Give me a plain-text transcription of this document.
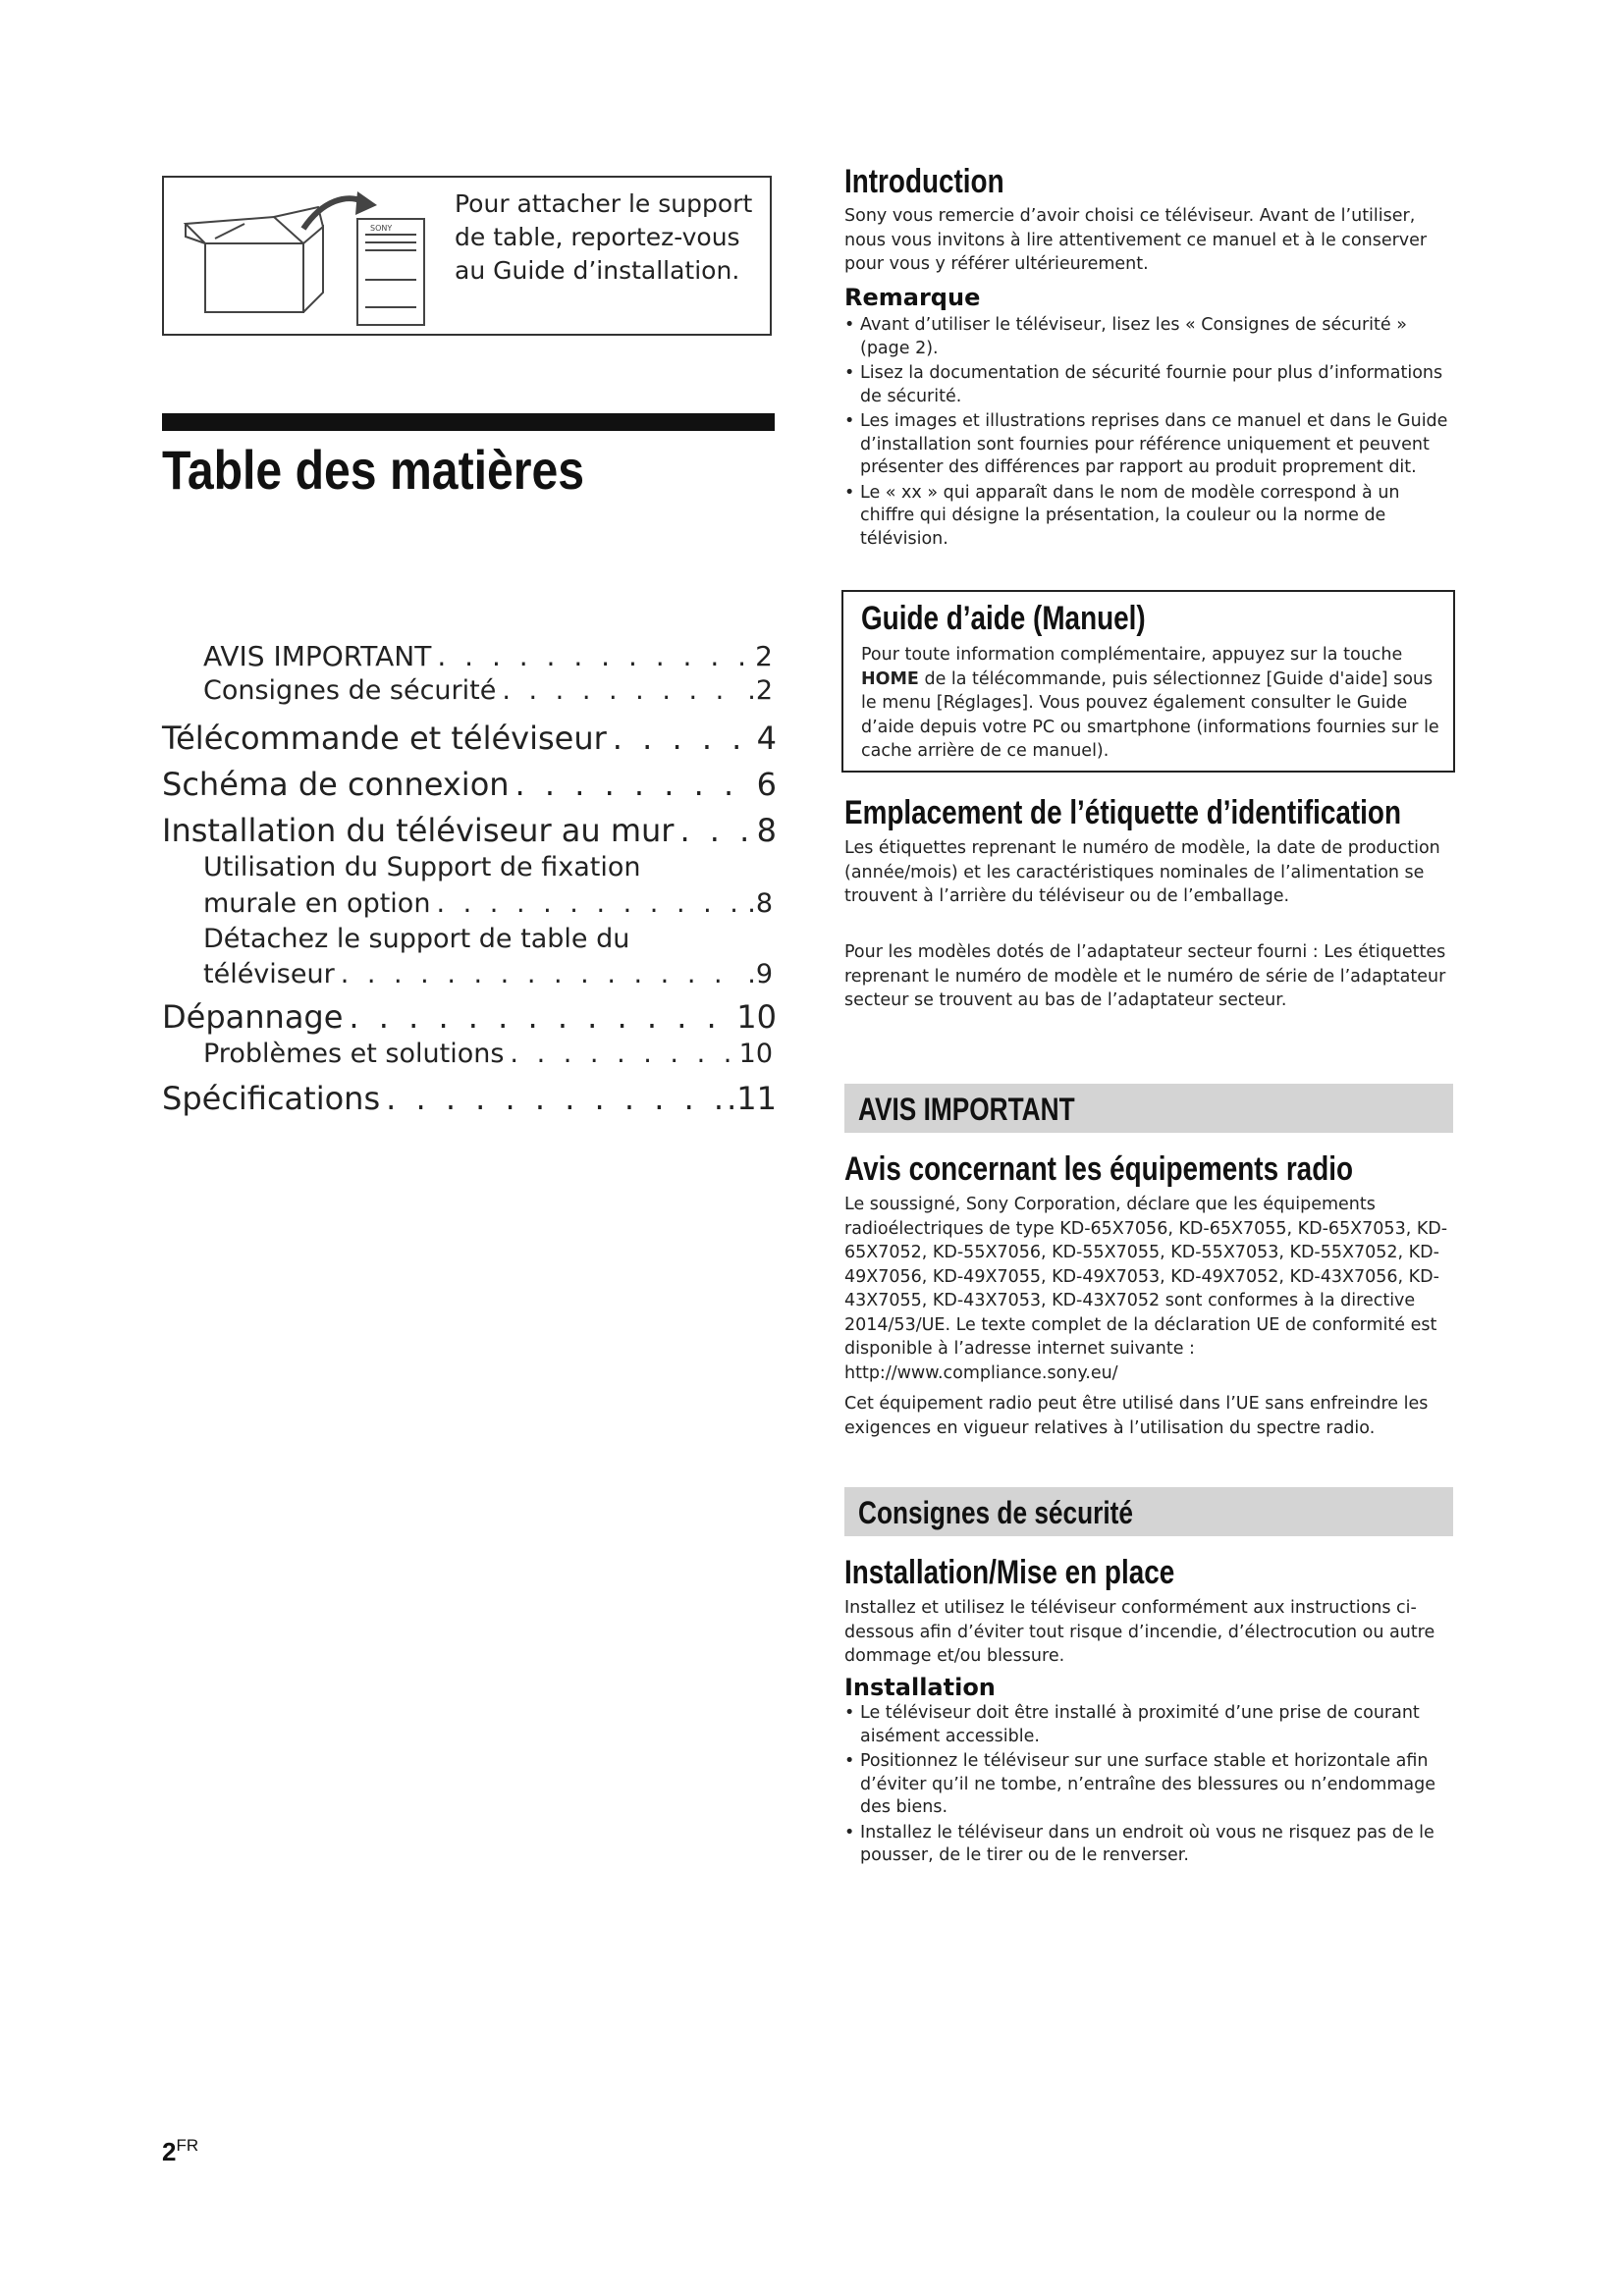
SONY
Pour attacher le support
de table, reportez-vous
au Guide d’installation.
Table des matières
AVIS IMPORTANT . . .	2
Consignes de sécurité . . .	.2
Télécommande et téléviseur . . .	4
Schéma de connexion . . .	6
Installation du téléviseur au mur . . .	8
Utilisation du Support de fixation
murale en option . . .	.8
Détachez le support de table du
téléviseur . . .	.9
Dépannage . . .	10
Problèmes et solutions . . .	10
Spécifications . . .	.11
Introduction
Sony vous remercie d’avoir choisi ce téléviseur. Avant de l’utiliser, nous vous invitons à lire attentivement ce manuel et à le conserver pour vous y référer ultérieurement.
Remarque
• Avant d’utiliser le téléviseur, lisez les « Consignes de sécurité » (page 2).
• Lisez la documentation de sécurité fournie pour plus d’informations de sécurité.
• Les images et illustrations reprises dans ce manuel et dans le Guide d’installation sont fournies pour référence uniquement et peuvent présenter des différences par rapport au produit proprement dit.
• Le « xx » qui apparaît dans le nom de modèle correspond à un chiffre qui désigne la présentation, la couleur ou la norme de télévision.
Guide d’aide (Manuel)
Pour toute information complémentaire, appuyez sur la touche HOME de la télécommande, puis sélectionnez [Guide d'aide] sous le menu [Réglages]. Vous pouvez également consulter le Guide d’aide depuis votre PC ou smartphone (informations fournies sur le cache arrière de ce manuel).
Emplacement de l’étiquette d’identification
Les étiquettes reprenant le numéro de modèle, la date de production (année/mois) et les caractéristiques nominales de l’alimentation se trouvent à l’arrière du téléviseur ou de l’emballage.
Pour les modèles dotés de l’adaptateur secteur fourni : Les étiquettes reprenant le numéro de modèle et le numéro de série de l’adaptateur secteur se trouvent au bas de l’adaptateur secteur.
AVIS IMPORTANT
Avis concernant les équipements radio
Le soussigné, Sony Corporation, déclare que les équipements radioélectriques de type KD-65X7056, KD-65X7055, KD-65X7053, KD-65X7052, KD-55X7056, KD-55X7055, KD-55X7053, KD-55X7052, KD-49X7056, KD-49X7055, KD-49X7053, KD-49X7052, KD-43X7056, KD-43X7055, KD-43X7053, KD-43X7052 sont conformes à la directive 2014/53/UE. Le texte complet de la déclaration UE de conformité est disponible à l’adresse internet suivante : http://www.compliance.sony.eu/
Cet équipement radio peut être utilisé dans l’UE sans enfreindre les exigences en vigueur relatives à l’utilisation du spectre radio.
Consignes de sécurité
Installation/Mise en place
Installez et utilisez le téléviseur conformément aux instructions ci-dessous afin d’éviter tout risque d’incendie, d’électrocution ou autre dommage et/ou blessure.
Installation
• Le téléviseur doit être installé à proximité d’une prise de courant aisément accessible.
• Positionnez le téléviseur sur une surface stable et horizontale afin d’éviter qu’il ne tombe, n’entraîne des blessures ou n’endommage des biens.
• Installez le téléviseur dans un endroit où vous ne risquez pas de le pousser, de le tirer ou de le renverser.
$2^{FR}$
